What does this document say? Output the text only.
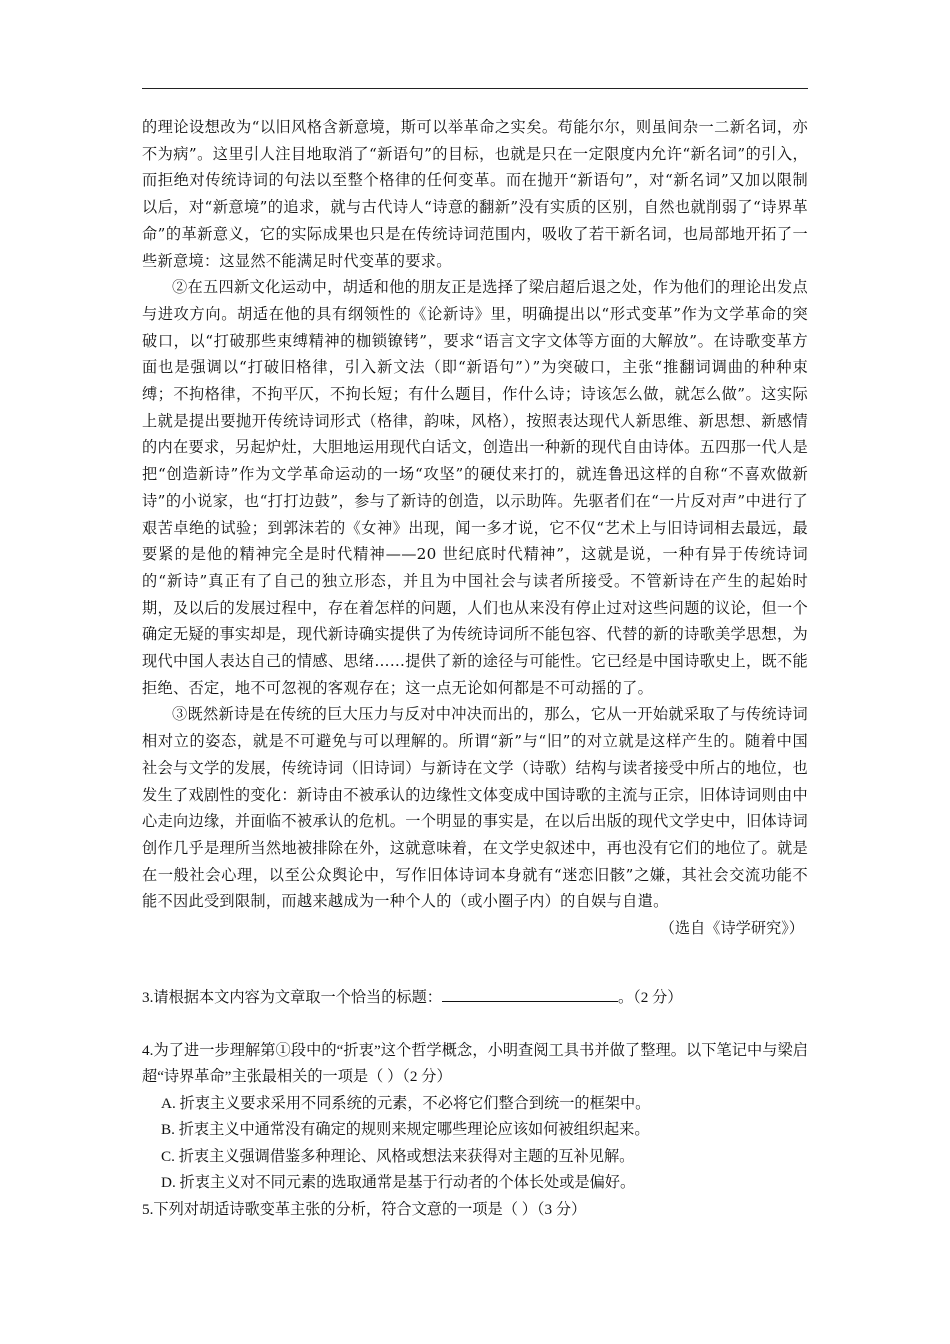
的理论设想改为“以旧风格含新意境，斯可以举革命之实矣。苟能尔尔，则虽间杂一二新名词，亦不为病”。这里引人注目地取消了“新语句”的目标，也就是只在一定限度内允许“新名词”的引入，而拒绝对传统诗词的句法以至整个格律的任何变革。而在抛开“新语句”，对“新名词”又加以限制以后，对“新意境”的追求，就与古代诗人“诗意的翻新”没有实质的区别，自然也就削弱了“诗界革命”的革新意义，它的实际成果也只是在传统诗词范围内，吸收了若干新名词，也局部地开拓了一些新意境：这显然不能满足时代变革的要求。

②在五四新文化运动中，胡适和他的朋友正是选择了梁启超后退之处，作为他们的理论出发点与进攻方向。胡适在他的具有纲领性的《论新诗》里，明确提出以“形式变革”作为文学革命的突破口，以“打破那些束缚精神的枷锁镣铐”，要求“语言文字文体等方面的大解放”。在诗歌变革方面也是强调以“打破旧格律，引入新文法（即“新语句”）”为突破口，主张“推翻词调曲的种种束缚；不拘格律，不拘平仄，不拘长短；有什么题目，作什么诗；诗该怎么做，就怎么做”。这实际上就是提出要抛开传统诗词形式（格律，韵味，风格），按照表达现代人新思维、新思想、新感情的内在要求，另起炉灶，大胆地运用现代白话文，创造出一种新的现代自由诗体。五四那一代人是把“创造新诗”作为文学革命运动的一场“攻坚”的硬仗来打的，就连鲁迅这样的自称“不喜欢做新诗”的小说家，也“打打边鼓”，参与了新诗的创造，以示助阵。先驱者们在“一片反对声”中进行了艰苦卓绝的试验；到郭沫若的《女神》出现，闻一多才说，它不仅“艺术上与旧诗词相去最远，最要紧的是他的精神完全是时代精神——20 世纪底时代精神”，这就是说，一种有异于传统诗词的“新诗”真正有了自己的独立形态，并且为中国社会与读者所接受。不管新诗在产生的起始时期，及以后的发展过程中，存在着怎样的问题，人们也从来没有停止过对这些问题的议论，但一个确定无疑的事实却是，现代新诗确实提供了为传统诗词所不能包容、代替的新的诗歌美学思想，为现代中国人表达自己的情感、思绪……提供了新的途径与可能性。它已经是中国诗歌史上，既不能拒绝、否定，地不可忽视的客观存在；这一点无论如何都是不可动摇的了。

③既然新诗是在传统的巨大压力与反对中冲决而出的，那么，它从一开始就采取了与传统诗词相对立的姿态，就是不可避免与可以理解的。所谓“新”与“旧”的对立就是这样产生的。随着中国社会与文学的发展，传统诗词（旧诗词）与新诗在文学（诗歌）结构与读者接受中所占的地位，也发生了戏剧性的变化：新诗由不被承认的边缘性文体变成中国诗歌的主流与正宗，旧体诗词则由中心走向边缘，并面临不被承认的危机。一个明显的事实是，在以后出版的现代文学史中，旧体诗词创作几乎是理所当然地被排除在外，这就意味着，在文学史叙述中，再也没有它们的地位了。就是在一般社会心理，以至公众舆论中，写作旧体诗词本身就有“迷恋旧骸”之嫌，其社会交流功能不能不因此受到限制，而越来越成为一种个人的（或小圈子内）的自娱与自遣。

（选自《诗学研究》）

3.请根据本文内容为文章取一个恰当的标题：	。（2 分）

4.为了进一步理解第①段中的“折衷”这个哲学概念，小明查阅工具书并做了整理。以下笔记中与梁启超“诗界革命”主张最相关的一项是（ ）（2 分）

A. 折衷主义要求采用不同系统的元素，不必将它们整合到统一的框架中。

B. 折衷主义中通常没有确定的规则来规定哪些理论应该如何被组织起来。

C. 折衷主义强调借鉴多种理论、风格或想法来获得对主题的互补见解。

D. 折衷主义对不同元素的选取通常是基于行动者的个体长处或是偏好。

5.下列对胡适诗歌变革主张的分析，符合文意的一项是（ ）（3 分）
